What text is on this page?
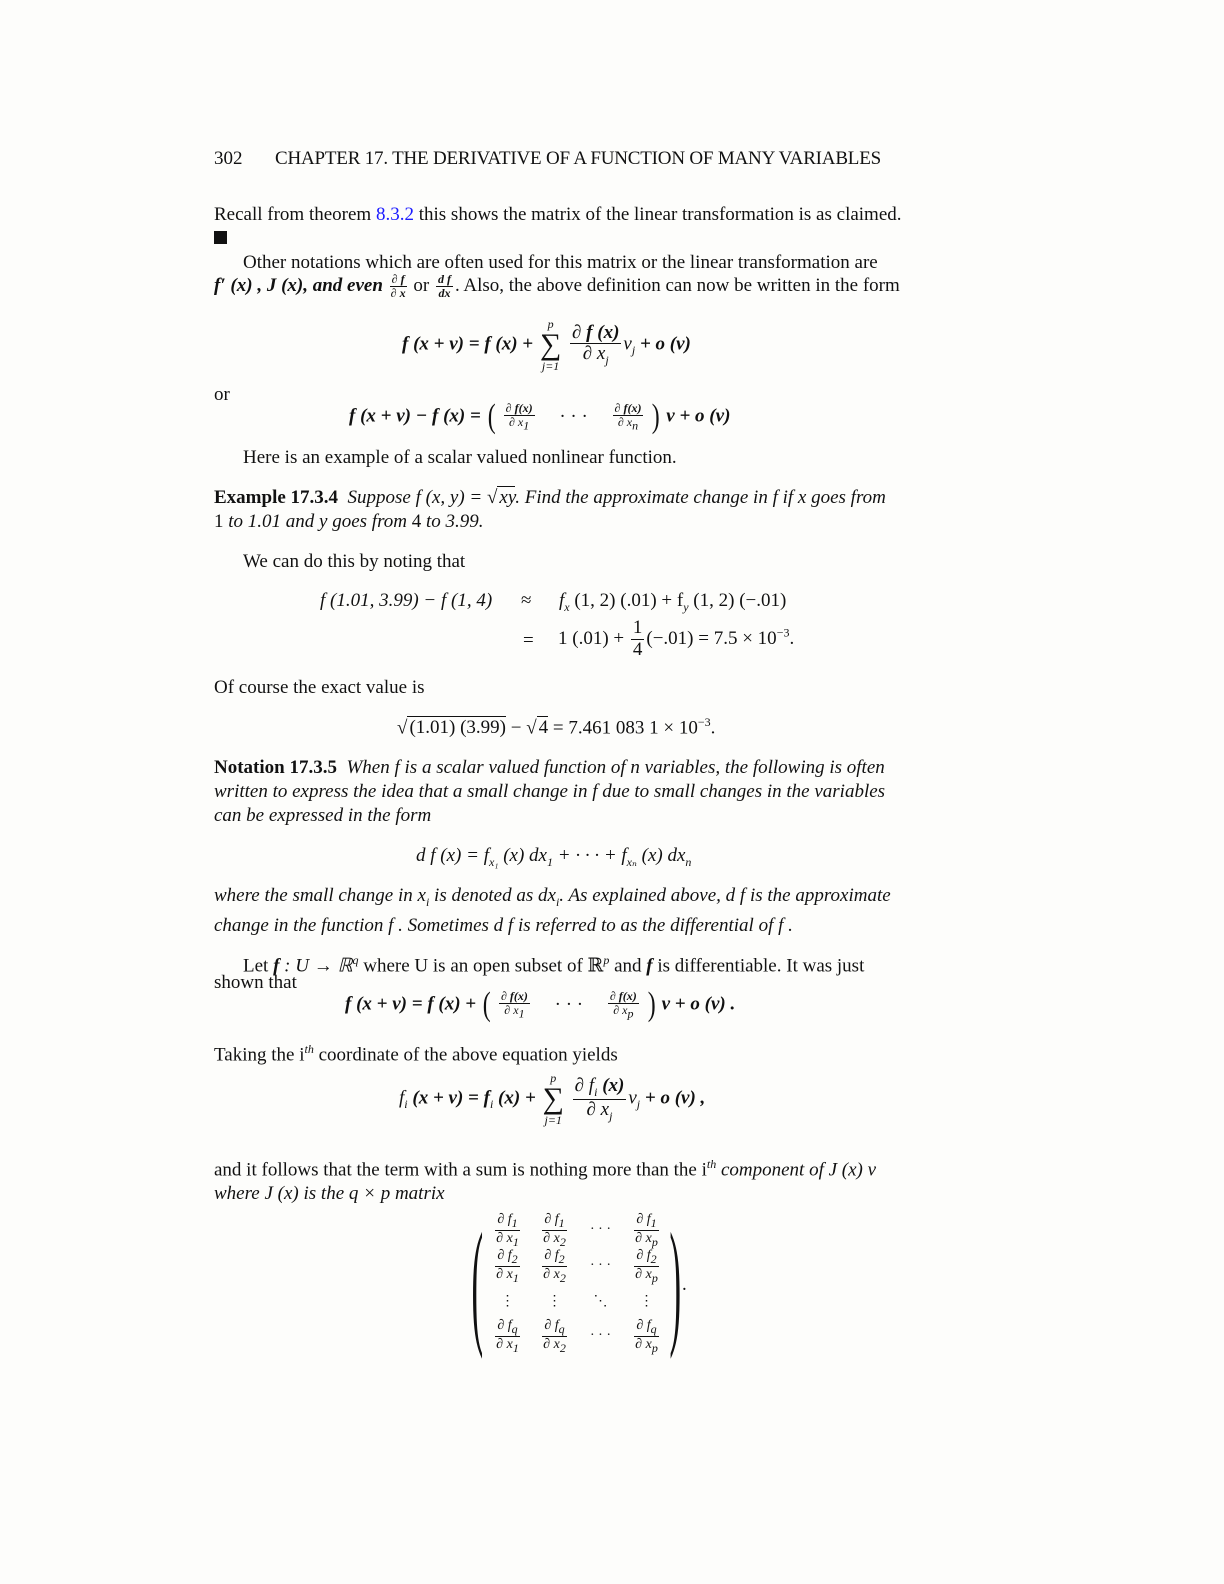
302 CHAPTER 17. THE DERIVATIVE OF A FUNCTION OF MANY VARIABLES
Recall from theorem 8.3.2 this shows the matrix of the linear transformation is as claimed.

Other notations which are often used for this matrix or the linear transformation are
f′ (x) , J (x), and even $\frac{\partial f}{\partial x}$ or $\frac{\text{d f}}{dx}$ . Also, the above definition can now be written in the form
f (x + v) = f (x) +
p
∑
j=1
$\frac{\partial f (x)}{\partial x_j} v_j + o$ (v)
or
f (x + v) − f (x) = ( $\frac{\partial f(x)}{\partial x_1}$ · · · $\frac{\partial f(x)}{\partial x_n}$ ) v + o (v)
Here is an example of a scalar valued nonlinear function.
Example 17.3.4 Suppose f (x, y) = √ xy. Find the approximate change in f if x goes from
1 to 1.01 and y goes from 4 to 3.99.
We can do this by noting that
f (1.01, 3.99) − f (1, $4) \approx f_x$ (1, 2) $(.01) + f_y$ (1, 2) (−.01)
= 1 $(.01) + \frac{1}{4} (-.01) = 7.5 \times 10^{-3}$.
Of course the exact value is
√ (1.01) (3.99) − √ 4 = 7.461 083 $1 \times 10^{-3}$.
Notation 17.3.5 When f is a scalar valued function of n variables, the following is often
written to express the idea that a small change in f due to small changes in the variables
can be expressed in the form
d f $(x) = f_{x_1}$ (x) $dx_1$ + · · · + $f_{x_n}$ (x) $dx_n$
where the small change in $x_i$ is denoted as $dx_i$. As explained above, d f is the approximate
change in the function f . Sometimes d f is referred to as the differential of f .
Let f : U → ℝ$^q$ where U is an open subset of ℝ$^p$ and f is differentiable. It was just
shown that
f (x + v) = f (x) + ( $\frac{\partial f(x)}{\partial x_1}$ · · · $\frac{\partial f(x)}{\partial x_p}$ ) v + o (v) .
Taking the $i^{th}$ coordinate of the above equation yields
$f_i$ $(x + v) = f_i$ (x) +
p
∑
j=1
$\frac{\partial f_i (x)}{\partial x_j} v_j + o$ (v) ,
and it follows that the term with a sum is nothing more than the $i^{th}$ component of J (x) v
where J (x) is the q × p matrix
( $\frac{\partial f_1}{\partial x_1} \frac{\partial f_1}{\partial x_2}$ · · · $\frac{\partial f_1}{\partial x_p}$
$\frac{\partial f_2}{\partial x_1} \frac{\partial f_2}{\partial x_2}$ · · · $\frac{\partial f_2}{\partial x_p}$
⋮ ⋮ ⋱ ⋮
$\frac{\partial f_q}{\partial x_1} \frac{\partial f_q}{\partial x_2}$ · · · $\frac{\partial f_q}{\partial x_p}$ ) .
